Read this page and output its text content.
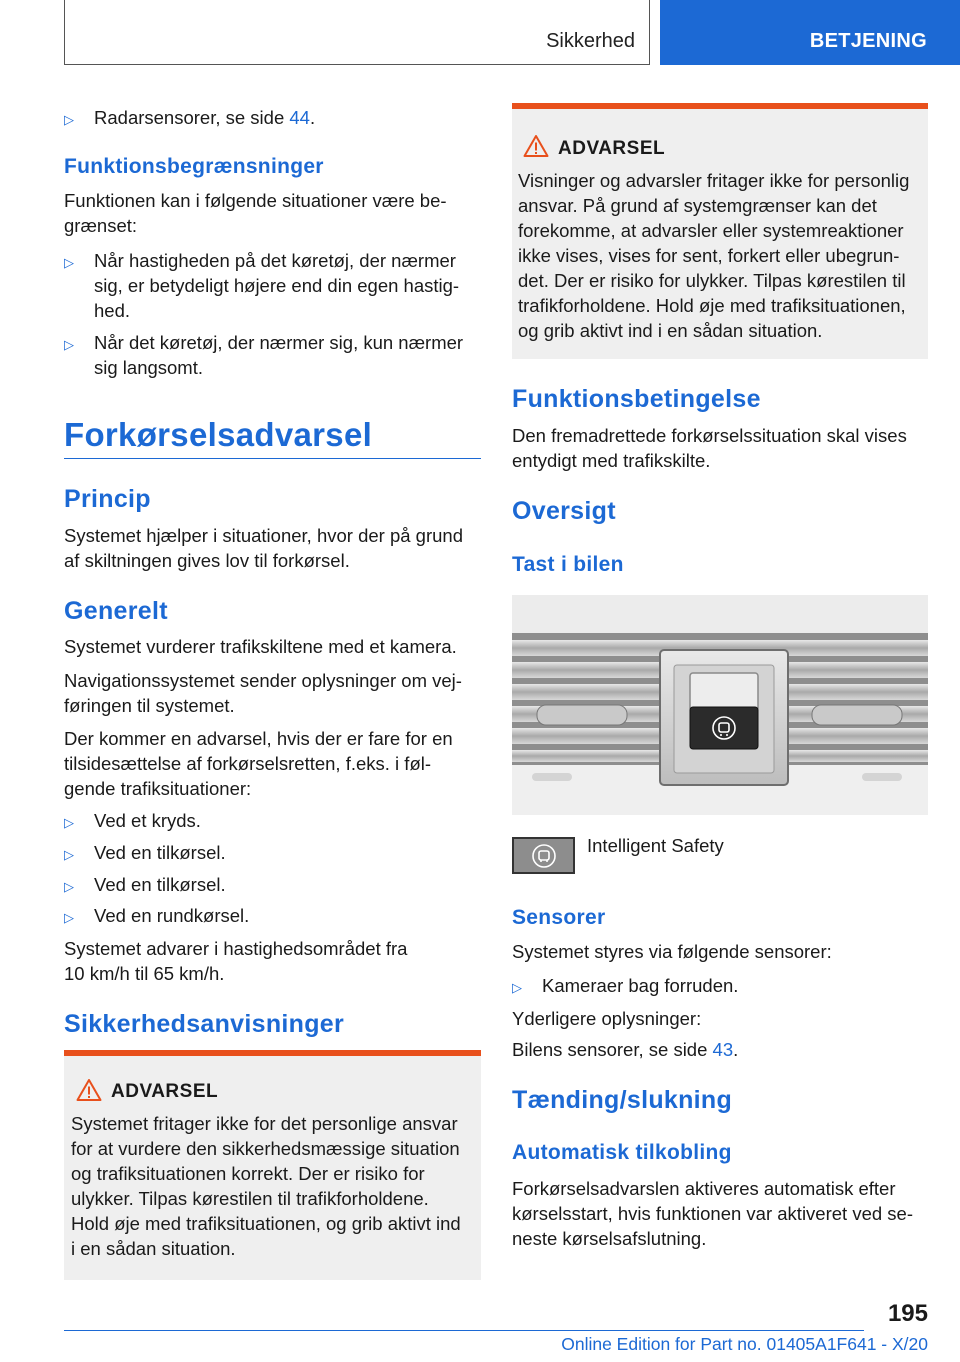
Sikkerhed	BETJENING
▷	Radarsensorer, se side 44.
Funktionsbegrænsninger
Funktionen kan i følgende situationer være be-
grænset:
▷	Når hastigheden på det køretøj, der nærmer
sig, er betydeligt højere end din egen hastig-
hed.
▷	Når det køretøj, der nærmer sig, kun nærmer
sig langsomt.
Forkørselsadvarsel
Princip
Systemet hjælper i situationer, hvor der på grund
af skiltningen gives lov til forkørsel.
Generelt
Systemet vurderer trafikskiltene med et kamera.
Navigationssystemet sender oplysninger om vej-
føringen til systemet.
Der kommer en advarsel, hvis der er fare for en
tilsidesættelse af forkørselsretten, f.eks. i føl-
gende trafiksituationer:
▷	Ved et kryds.
▷	Ved en tilkørsel.
▷	Ved en tilkørsel.
▷	Ved en rundkørsel.
Systemet advarer i hastighedsområdet fra
10 km/h til 65 km/h.
Sikkerhedsanvisninger
ADVARSEL
Systemet fritager ikke for det personlige ansvar
for at vurdere den sikkerhedsmæssige situation
og trafiksituationen korrekt. Der er risiko for
ulykker. Tilpas kørestilen til trafikforholdene.
Hold øje med trafiksituationen, og grib aktivt ind
i en sådan situation.
ADVARSEL
Visninger og advarsler fritager ikke for personlig
ansvar. På grund af systemgrænser kan det
forekomme, at advarsler eller systemreaktioner
ikke vises, vises for sent, forkert eller ubegrun-
det. Der er risiko for ulykker. Tilpas kørestilen til
trafikforholdene. Hold øje med trafiksituationen,
og grib aktivt ind i en sådan situation.
Funktionsbetingelse
Den fremadrettede forkørselssituation skal vises
entydigt med trafikskilte.
Oversigt
Tast i bilen
Intelligent Safety
Sensorer
Systemet styres via følgende sensorer:
▷	Kameraer bag forruden.
Yderligere oplysninger:
Bilens sensorer, se side 43.
Tænding/slukning
Automatisk tilkobling
Forkørselsadvarslen aktiveres automatisk efter
kørselsstart, hvis funktionen var aktiveret ved se-
neste kørselsafslutning.
195
Online Edition for Part no. 01405A1F641 - X/20
